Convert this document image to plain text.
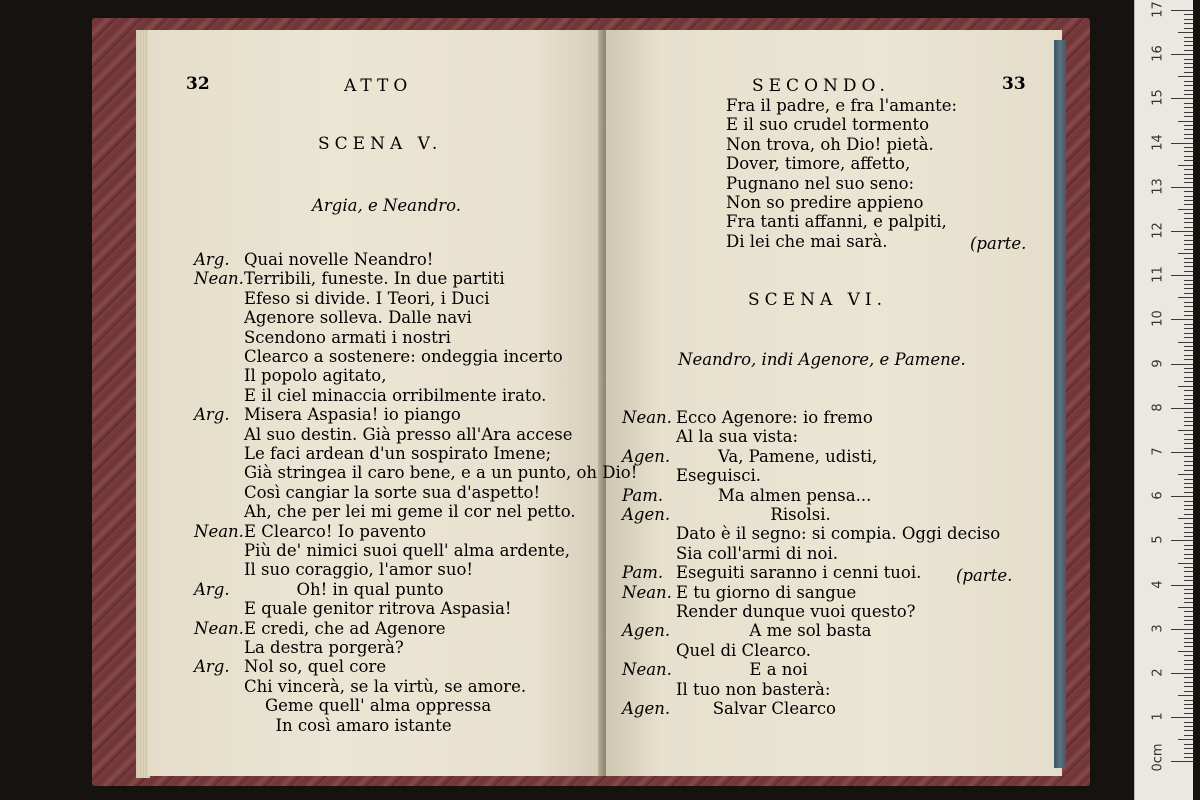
17
16
15
14
13
12
11
10
9
8
7
6
5
4
3
2
1
0cm
32	ATTO
SCENA V.
Argia, e Neandro.
SECONDO.	33
(parte.
SCENA VI.
Neandro, indi Agenore, e Pamene.
(parte.
Arg. Quai novelle Neandro!
Nean. Terribili, funeste. In due partiti
Efeso si divide. I Teori, i Duci
Agenore solleva. Dalle navi
Scendono armati i nostri
Clearco a sostenere: ondeggia incerto
Il popolo agitato,
E il ciel minaccia orribilmente irato.
Arg. Misera Aspasia! io piango
Al suo destin. Già presso all'Ara accese
Le faci ardean d'un sospirato Imene;
Già stringea il caro bene, e a un punto, oh Dio!
Così cangiar la sorte sua d'aspetto!
Ah, che per lei mi geme il cor nel petto.
Nean. E Clearco! Io pavento
Più de' nimici suoi quell' alma ardente,
Il suo coraggio, l'amor suo!
Arg. Oh! in qual punto
E quale genitor ritrova Aspasia!
Nean. E credi, che ad Agenore
La destra porgerà?
Arg. Nol so, quel core
Chi vincerà, se la virtù, se amore.
Geme quell' alma oppressa
In così amaro istante
Fra il padre, e fra l'amante:
E il suo crudel tormento
Non trova, oh Dio! pietà.
Dover, timore, affetto,
Pugnano nel suo seno:
Non so predire appieno
Fra tanti affanni, e palpiti,
Di lei che mai sarà.
Nean. Ecco Agenore: io fremo
Al la sua vista:
Agen. Va, Pamene, udisti,
Eseguisci.
Pam. Ma almen pensa...
Agen. Risolsi.
Dato è il segno: si compia. Oggi deciso
Sia coll'armi di noi.
Pam. Eseguiti saranno i cenni tuoi.
Nean. E tu giorno di sangue
Render dunque vuoi questo?
Agen. A me sol basta
Quel di Clearco.
Nean. E a noi
Il tuo non basterà:
Agen. Salvar Clearco
